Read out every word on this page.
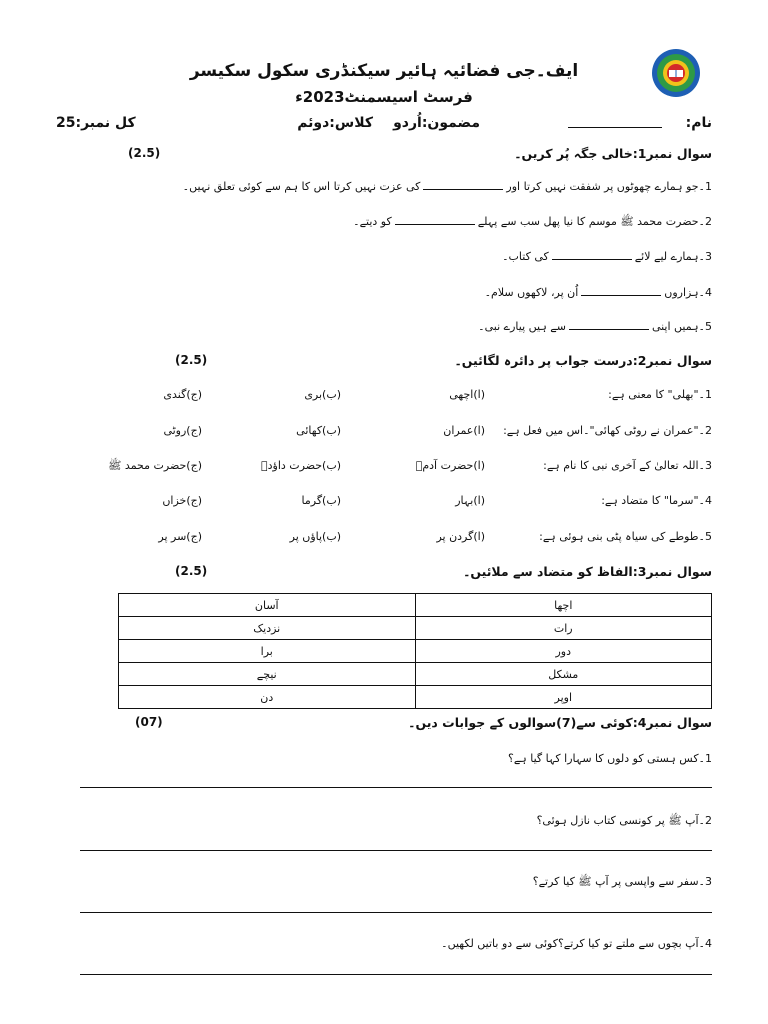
ایف۔جی فضائیہ ہائیر سیکنڈری سکول سکیسر
فرسٹ اسیسمنٹ2023ء
نام:
مضمون:اُردو
کلاس:دوئم
کل نمبر:25
سوال نمبر1:خالی جگہ پُر کریں۔
(2.5)
1۔جو ہمارے چھوٹوں پر شفقت نہیں کرتا اورکی عزت نہیں کرتا اس کا ہم سے کوئی تعلق نہیں۔
2۔حضرت محمد ﷺ موسم کا نیا پھل سب سے پہلےکو دیتے۔
3۔ہمارے لیے لائےکی کتاب۔
4۔ہزاروںاُن پر، لاکھوں سلام۔
5۔ہمیں اپنیسے ہیں پیارے نبی۔
سوال نمبر2:درست جواب پر دائرہ لگائیں۔
(2.5)
1۔"بھلی" کا معنی ہے:
(ا)اچھی
(ب)بری
(ج)گندی
2۔"عمران نے روٹی کھائی"۔اس میں فعل ہے:
(ا)عمران
(ب)کھائی
(ج)روٹی
3۔اللہ تعالیٰ کے آخری نبی کا نام ہے:
(ا)حضرت آدمؑ
(ب)حضرت داؤدؑ
(ج)حضرت محمد ﷺ
4۔"سرما" کا متضاد ہے:
(ا)بہار
(ب)گرما
(ج)خزاں
5۔طوطے کی سیاہ پٹی بنی ہوئی ہے:
(ا)گردن پر
(ب)پاؤں پر
(ج)سر پر
سوال نمبر3:الفاظ کو متضاد سے ملائیں۔
(2.5)
اچھا	آسان
رات	نزدیک
دور	برا
مشکل	نیچے
اوپر	دن
سوال نمبر4:کوئی سے(7)سوالوں کے جوابات دیں۔
(07)
1۔کس ہستی کو دلوں کا سہارا کہا گیا ہے؟
2۔آپ ﷺ پر کونسی کتاب نازل ہوئی؟
3۔سفر سے واپسی پر آپ ﷺ کیا کرتے؟
4۔آپ بچوں سے ملتے تو کیا کرتے؟کوئی سے دو باتیں لکھیں۔
